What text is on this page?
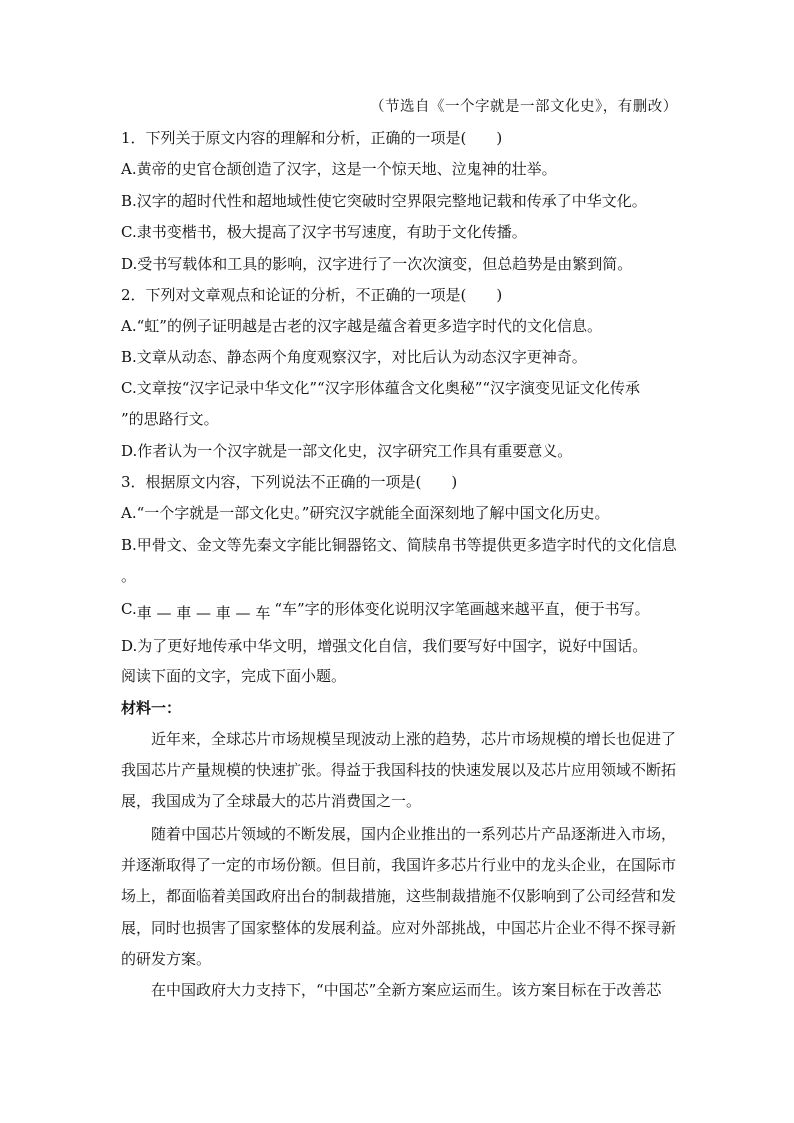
（节选自《一个字就是一部文化史》，有删改）
1．下列关于原文内容的理解和分析，正确的一项是(　　)
A.黄帝的史官仓颉创造了汉字，这是一个惊天地、泣鬼神的壮举。
B.汉字的超时代性和超地域性使它突破时空界限完整地记载和传承了中华文化。
C.隶书变楷书，极大提高了汉字书写速度，有助于文化传播。
D.受书写载体和工具的影响，汉字进行了一次次演变，但总趋势是由繁到简。
2．下列对文章观点和论证的分析，不正确的一项是(　　)
A.“虹”的例子证明越是古老的汉字越是蕴含着更多造字时代的文化信息。
B.文章从动态、静态两个角度观察汉字，对比后认为动态汉字更神奇。
C.文章按“汉字记录中华文化”“汉字形体蕴含文化奥秘”“汉字演变见证文化传承
”的思路行文。
D.作者认为一个汉字就是一部文化史，汉字研究工作具有重要意义。
3．根据原文内容，下列说法不正确的一项是(　　)
A.“一个字就是一部文化史。”研究汉字就能全面深刻地了解中国文化历史。
B.甲骨文、金文等先秦文字能比铜器铭文、简牍帛书等提供更多造字时代的文化信息
。
C.車 — 車 — 車 — 车 “车”字的形体变化说明汉字笔画越来越平直，便于书写。
D.为了更好地传承中华文明，增强文化自信，我们要写好中国字，说好中国话。
阅读下面的文字，完成下面小题。
材料一：
近年来，全球芯片市场规模呈现波动上涨的趋势，芯片市场规模的增长也促进了
我国芯片产量规模的快速扩张。得益于我国科技的快速发展以及芯片应用领域不断拓
展，我国成为了全球最大的芯片消费国之一。
随着中国芯片领域的不断发展，国内企业推出的一系列芯片产品逐渐进入市场，
并逐渐取得了一定的市场份额。但目前，我国许多芯片行业中的龙头企业，在国际市
场上，都面临着美国政府出台的制裁措施，这些制裁措施不仅影响到了公司经营和发
展，同时也损害了国家整体的发展利益。应对外部挑战，中国芯片企业不得不探寻新
的研发方案。
在中国政府大力支持下，“中国芯”全新方案应运而生。该方案目标在于改善芯
